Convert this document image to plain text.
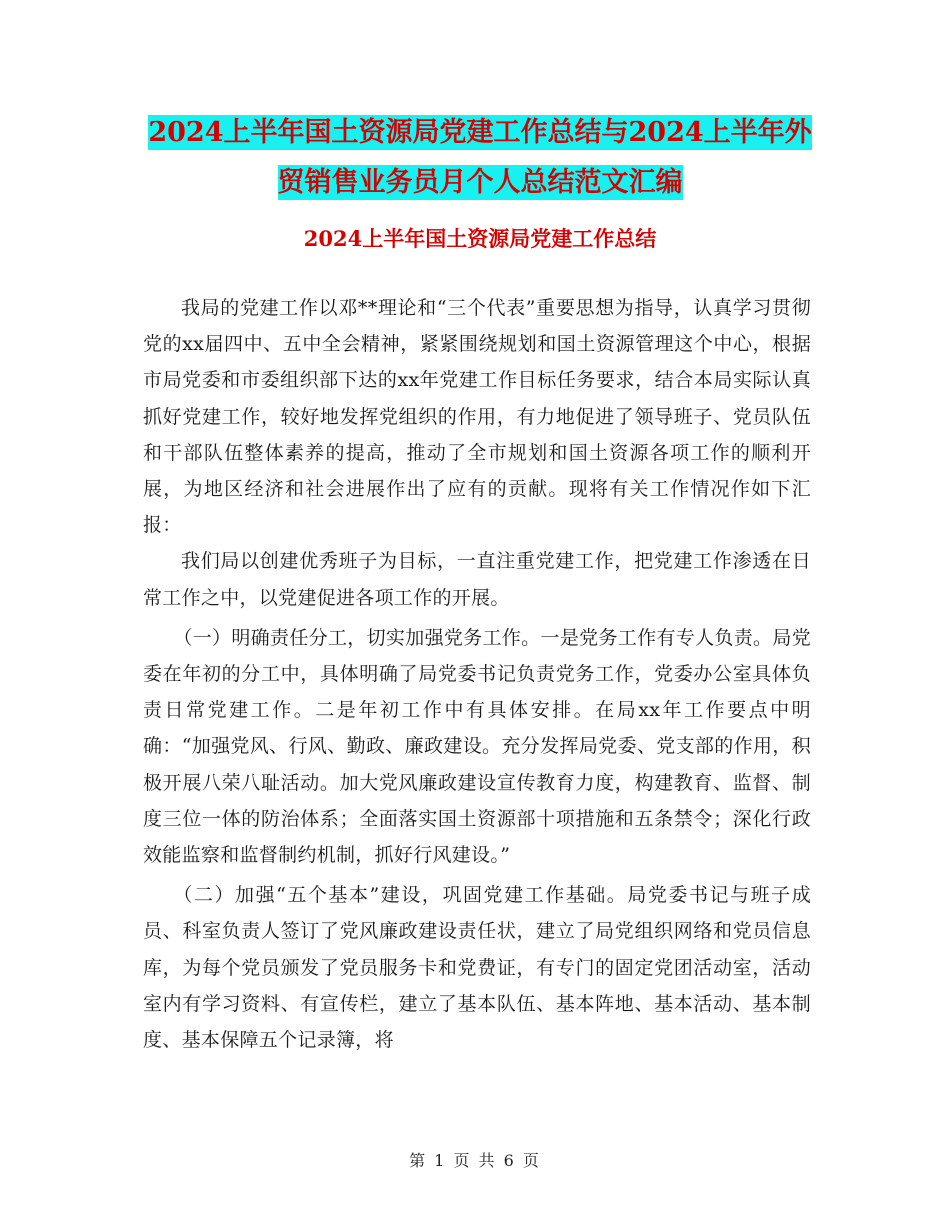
2024上半年国土资源局党建工作总结与2024上半年外
贸销售业务员月个人总结范文汇编
2024上半年国土资源局党建工作总结

我局的党建工作以邓**理论和“三个代表”重要思想为指导，认真学习贯彻党的xx届四中、五中全会精神，紧紧围绕规划和国土资源管理这个中心，根据市局党委和市委组织部下达的xx年党建工作目标任务要求，结合本局实际认真抓好党建工作，较好地发挥党组织的作用，有力地促进了领导班子、党员队伍和干部队伍整体素养的提高，推动了全市规划和国土资源各项工作的顺利开展，为地区经济和社会进展作出了应有的贡献。现将有关工作情况作如下汇报：

我们局以创建优秀班子为目标，一直注重党建工作，把党建工作渗透在日常工作之中，以党建促进各项工作的开展。

（一）明确责任分工，切实加强党务工作。一是党务工作有专人负责。局党委在年初的分工中，具体明确了局党委书记负责党务工作，党委办公室具体负责日常党建工作。二是年初工作中有具体安排。在局xx年工作要点中明确：“加强党风、行风、勤政、廉政建设。充分发挥局党委、党支部的作用，积极开展八荣八耻活动。加大党风廉政建设宣传教育力度，构建教育、监督、制度三位一体的防治体系；全面落实国土资源部十项措施和五条禁令；深化行政效能监察和监督制约机制，抓好行风建设。”

（二）加强“五个基本”建设，巩固党建工作基础。局党委书记与班子成员、科室负责人签订了党风廉政建设责任状，建立了局党组织网络和党员信息库，为每个党员颁发了党员服务卡和党费证，有专门的固定党团活动室，活动室内有学习资料、有宣传栏，建立了基本队伍、基本阵地、基本活动、基本制度、基本保障五个记录簿，将

第 1 页 共 6 页
